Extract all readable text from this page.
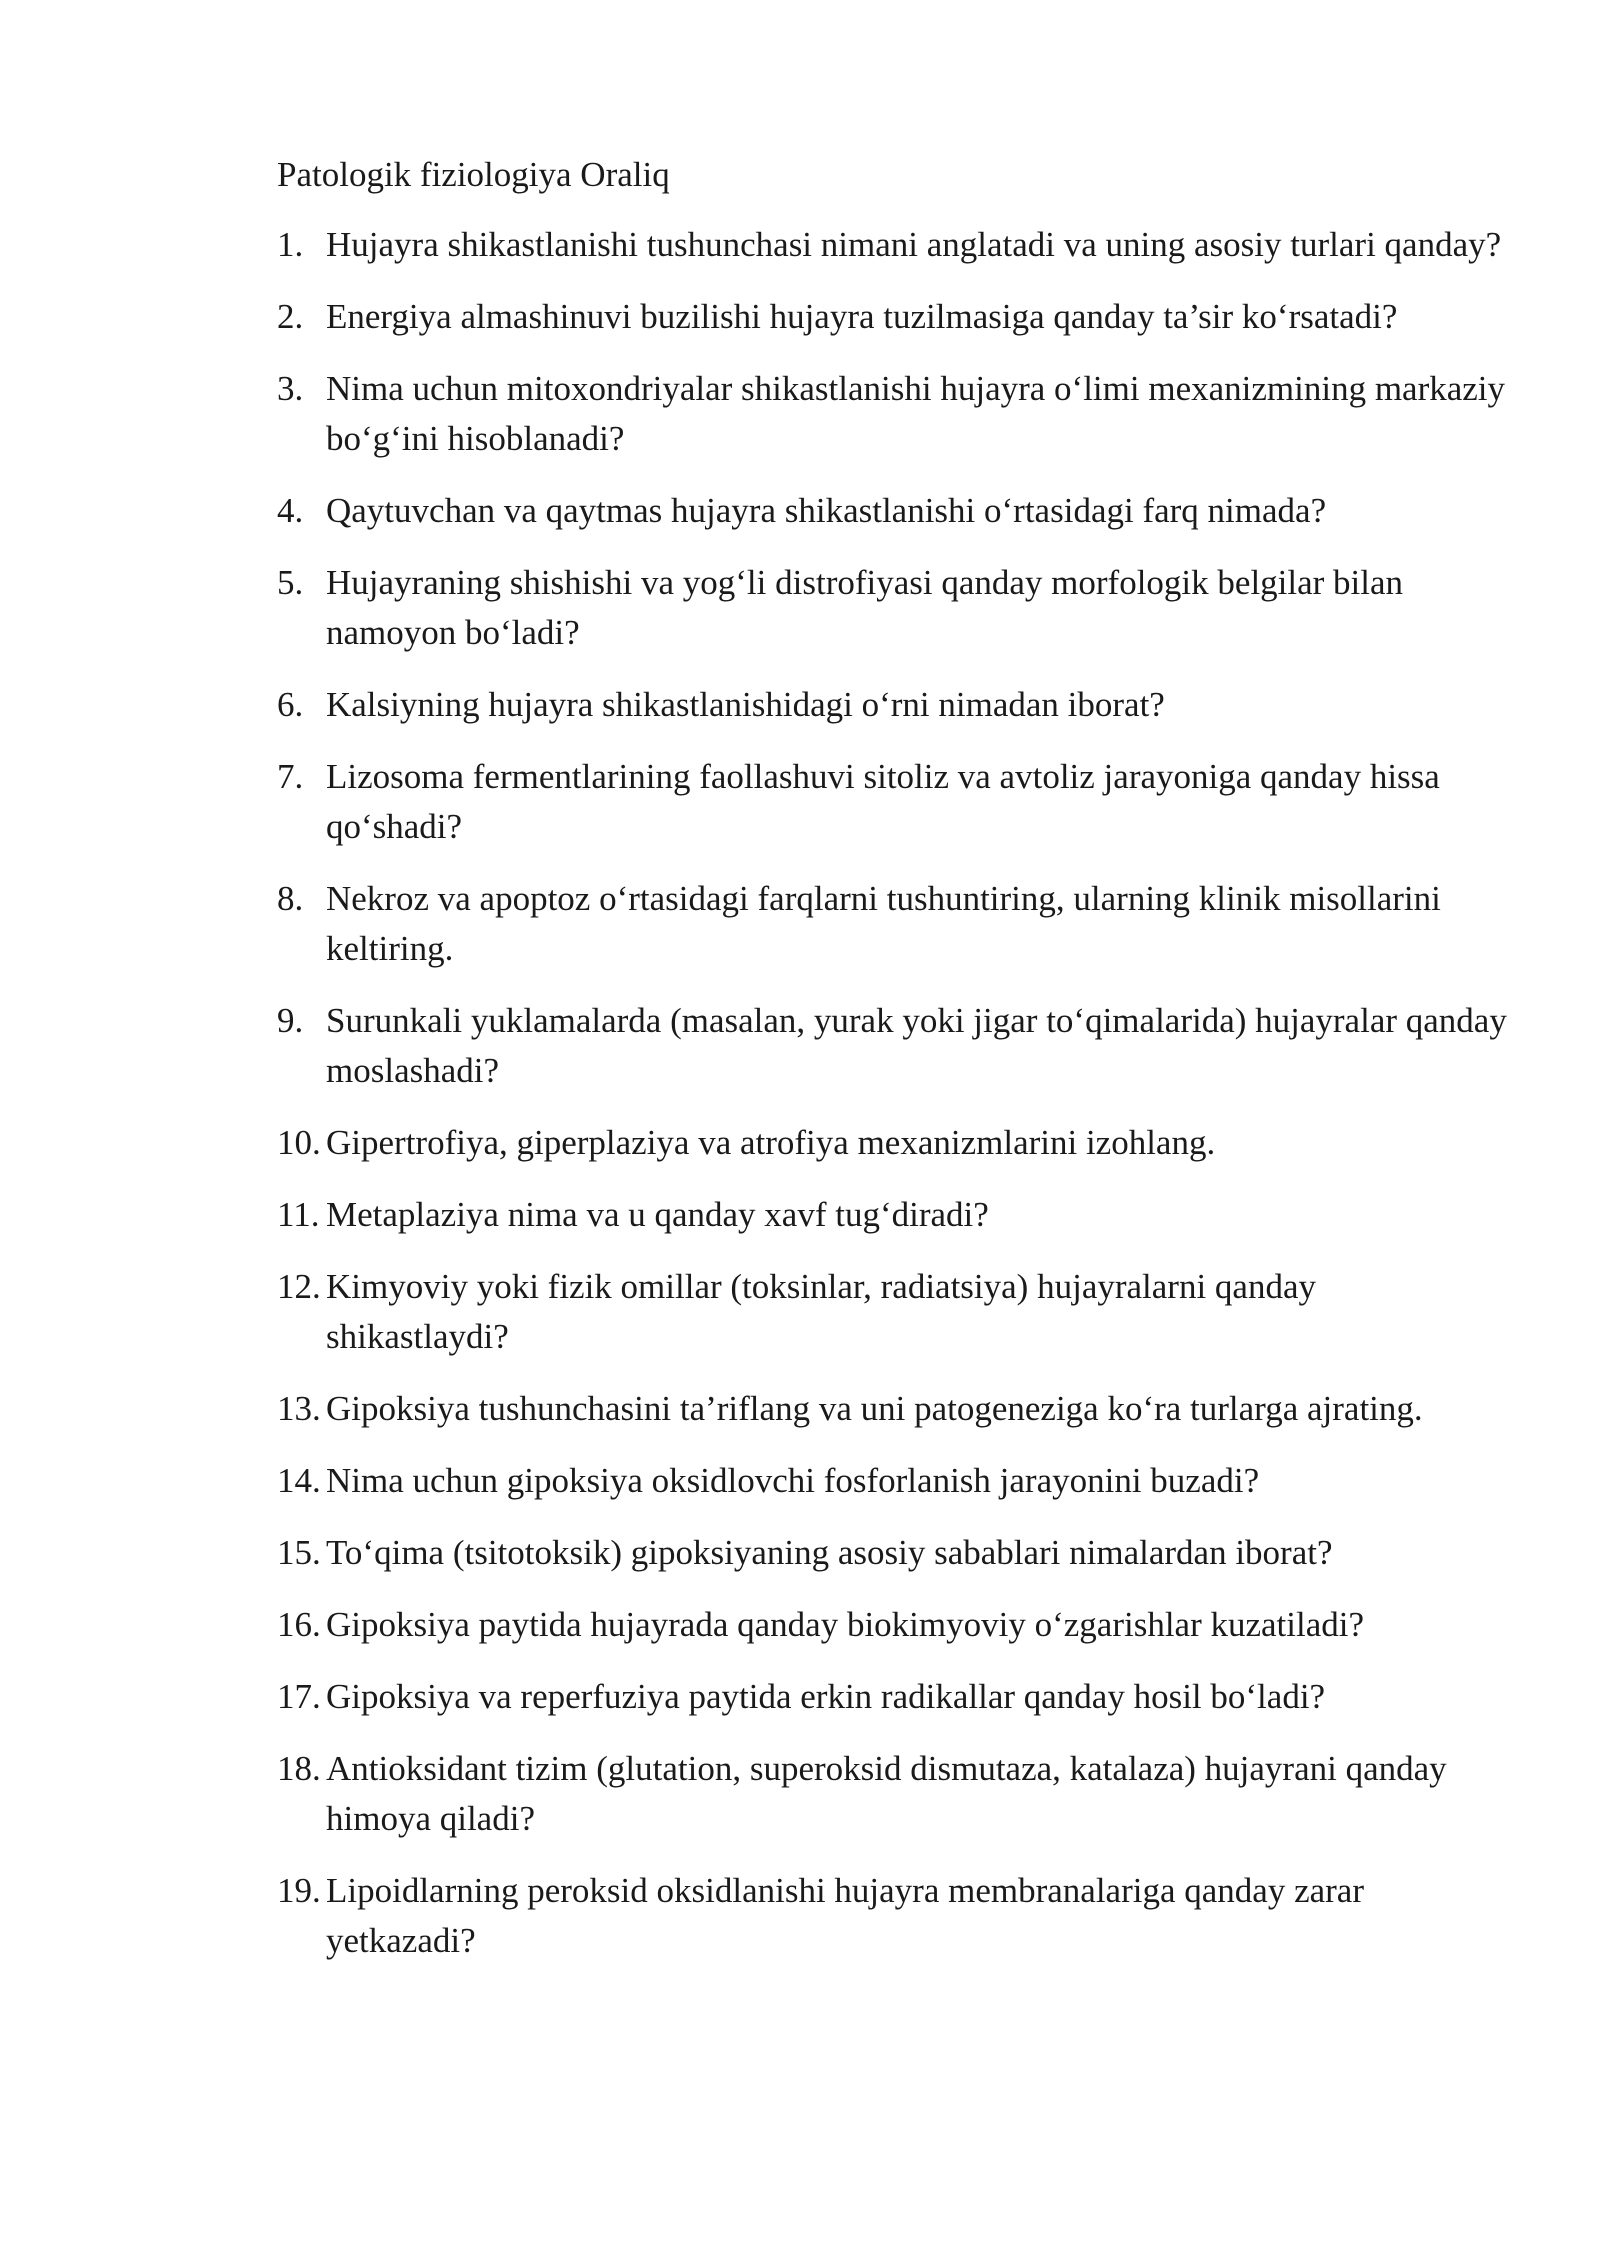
Patologik fiziologiya Oraliq
1. Hujayra shikastlanishi tushunchasi nimani anglatadi va uning asosiy turlari qanday?
2. Energiya almashinuvi buzilishi hujayra tuzilmasiga qanday ta’sir ko‘rsatadi?
3. Nima uchun mitoxondriyalar shikastlanishi hujayra o‘limi mexanizmining markaziy bo‘g‘ini hisoblanadi?
4. Qaytuvchan va qaytmas hujayra shikastlanishi o‘rtasidagi farq nimada?
5. Hujayraning shishishi va yog‘li distrofiyasi qanday morfologik belgilar bilan namoyon bo‘ladi?
6. Kalsiyning hujayra shikastlanishidagi o‘rni nimadan iborat?
7. Lizosoma fermentlarining faollashuvi sitoliz va avtoliz jarayoniga qanday hissa qo‘shadi?
8. Nekroz va apoptoz o‘rtasidagi farqlarni tushuntiring, ularning klinik misollarini keltiring.
9. Surunkali yuklamalarda (masalan, yurak yoki jigar to‘qimalarida) hujayralar qanday moslashadi?
10. Gipertrofiya, giperplaziya va atrofiya mexanizmlarini izohlang.
11. Metaplaziya nima va u qanday xavf tug‘diradi?
12. Kimyoviy yoki fizik omillar (toksinlar, radiatsiya) hujayralarni qanday shikastlaydi?
13. Gipoksiya tushunchasini ta’riflang va uni patogeneziga ko‘ra turlarga ajrating.
14. Nima uchun gipoksiya oksidlovchi fosforlanish jarayonini buzadi?
15. To‘qima (tsitotoksik) gipoksiyaning asosiy sabablari nimalardan iborat?
16. Gipoksiya paytida hujayrada qanday biokimyoviy o‘zgarishlar kuzatiladi?
17. Gipoksiya va reperfuziya paytida erkin radikallar qanday hosil bo‘ladi?
18. Antioksidant tizim (glutation, superoksid dismutaza, katalaza) hujayrani qanday himoya qiladi?
19. Lipoidlarning peroksid oksidlanishi hujayra membranalariga qanday zarar yetkazadi?
